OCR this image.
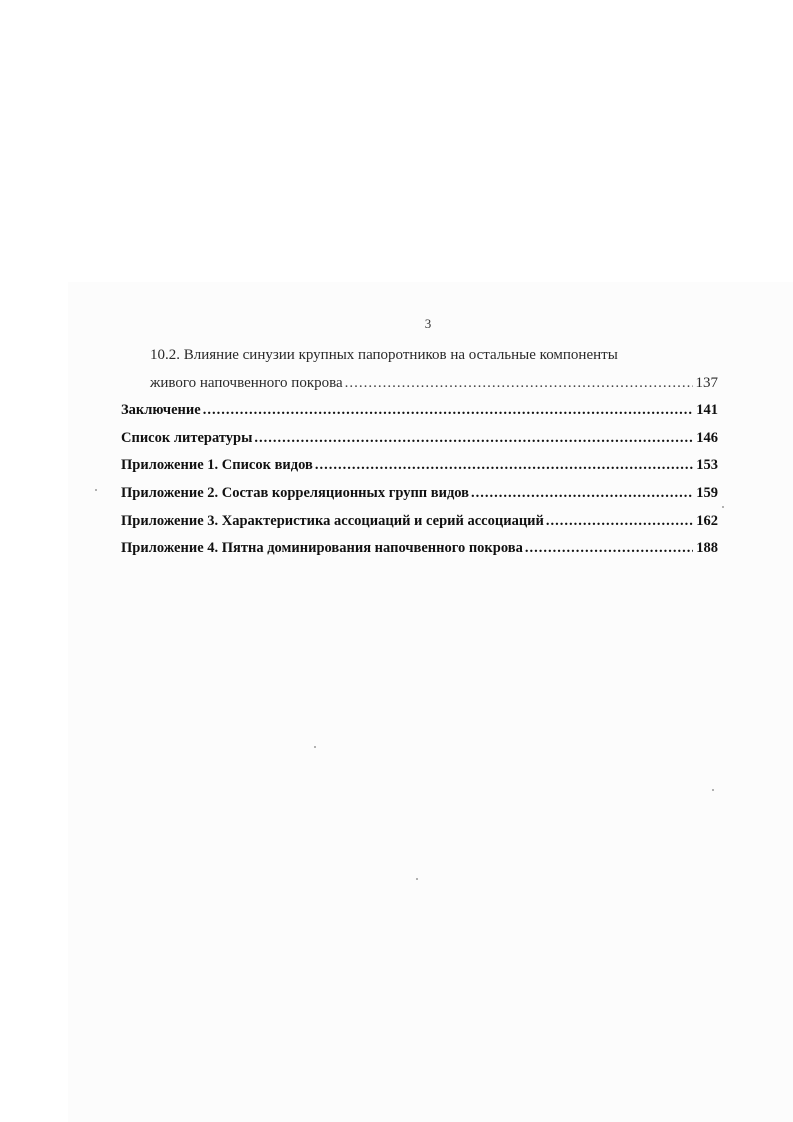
3
10.2. Влияние синузии крупных папоротников на остальные компоненты
живого напочвенного покрова .....	137
Заключение .....	141
Список литературы .....	146
Приложение 1. Список видов .....	153
Приложение 2. Состав корреляционных групп видов .....	159
Приложение 3. Характеристика ассоциаций и серий ассоциаций .....	162
Приложение 4. Пятна доминирования напочвенного покрова .....	188
